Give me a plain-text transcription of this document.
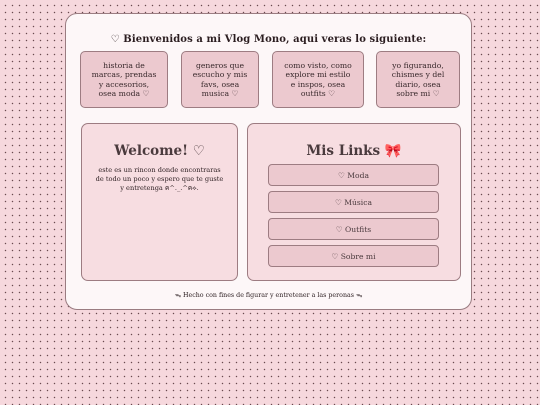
♡ Bienvenidos a mi Vlog Mono, aqui veras lo siguiente:
historia de
marcas, prendas
y accesorios,
osea moda ♡
generos que
escucho y mis
favs, osea
musica ♡
como visto, como
explore mi estilo
e inspos, osea
outfits ♡
yo figurando,
chismes y del
diario, osea
sobre mi ♡
Welcome! ♡
este es un rincon donde encontraras
de todo un poco y espero que te guste
y entretenga ฅ^._.^ฅ⟡.
Mis Links 🎀
♡ Moda
♡ Música
♡ Outfits
♡ Sobre mi
ᯓ Hecho con fines de figurar y entretener a las peronas ᯓ
